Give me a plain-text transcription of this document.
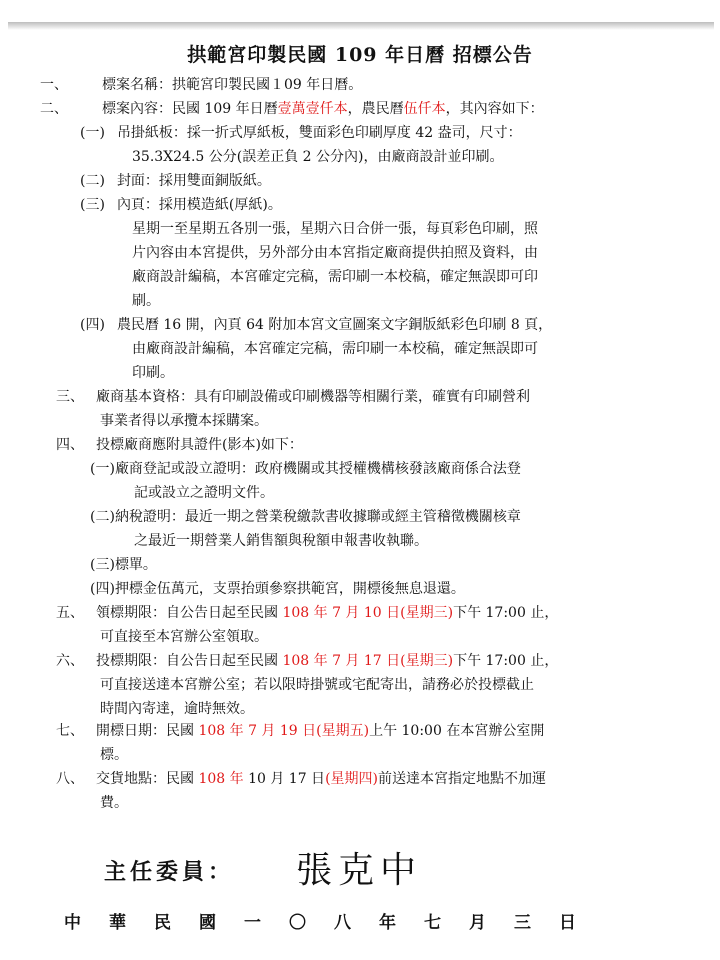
拱範宮印製民國 109 年日曆 招標公告
一、 標案名稱：拱範宮印製民國１09 年日曆。
二、 標案內容：民國 109 年日曆壹萬壹仟本，農民曆伍仟本，其內容如下：
(一) 吊掛紙板：採一折式厚紙板，雙面彩色印刷厚度 42 盎司，尺寸：
35.3X24.5 公分(誤差正負 2 公分內)，由廠商設計並印刷。
(二) 封面：採用雙面銅版紙。
(三) 內頁：採用模造紙(厚紙)。
星期一至星期五各別一張，星期六日合併一張，每頁彩色印刷，照
片內容由本宮提供，另外部分由本宮指定廠商提供拍照及資料，由
廠商設計編稿，本宮確定完稿，需印刷一本校稿，確定無誤即可印
刷。
(四) 農民曆 16 開，內頁 64 附加本宮文宣圖案文字銅版紙彩色印刷 8 頁，
由廠商設計編稿，本宮確定完稿，需印刷一本校稿，確定無誤即可
印刷。
三、 廠商基本資格：具有印刷設備或印刷機器等相關行業，確實有印刷營利
事業者得以承攬本採購案。
四、 投標廠商應附具證件(影本)如下：
(一)廠商登記或設立證明：政府機關或其授權機構核發該廠商係合法登
記或設立之證明文件。
(二)納稅證明：最近一期之營業稅繳款書收據聯或經主管稽徵機關核章
之最近一期營業人銷售額與稅額申報書收執聯。
(三)標單。
(四)押標金伍萬元，支票抬頭參察拱範宮，開標後無息退還。
五、 領標期限：自公告日起至民國 108 年 7 月 10 日(星期三)下午 17:00 止，
可直接至本宮辦公室領取。
六、 投標期限：自公告日起至民國 108 年 7 月 17 日(星期三)下午 17:00 止，
可直接送達本宮辦公室；若以限時掛號或宅配寄出，請務必於投標截止
時間內寄達，逾時無效。
七、 開標日期：民國 108 年 7 月 19 日(星期五)上午 10:00 在本宮辦公室開
標。
八、 交貨地點：民國 108 年 10 月 17 日(星期四)前送達本宮指定地點不加運
費。
主任委員： 張克中
中華民國一〇八年七月三日
